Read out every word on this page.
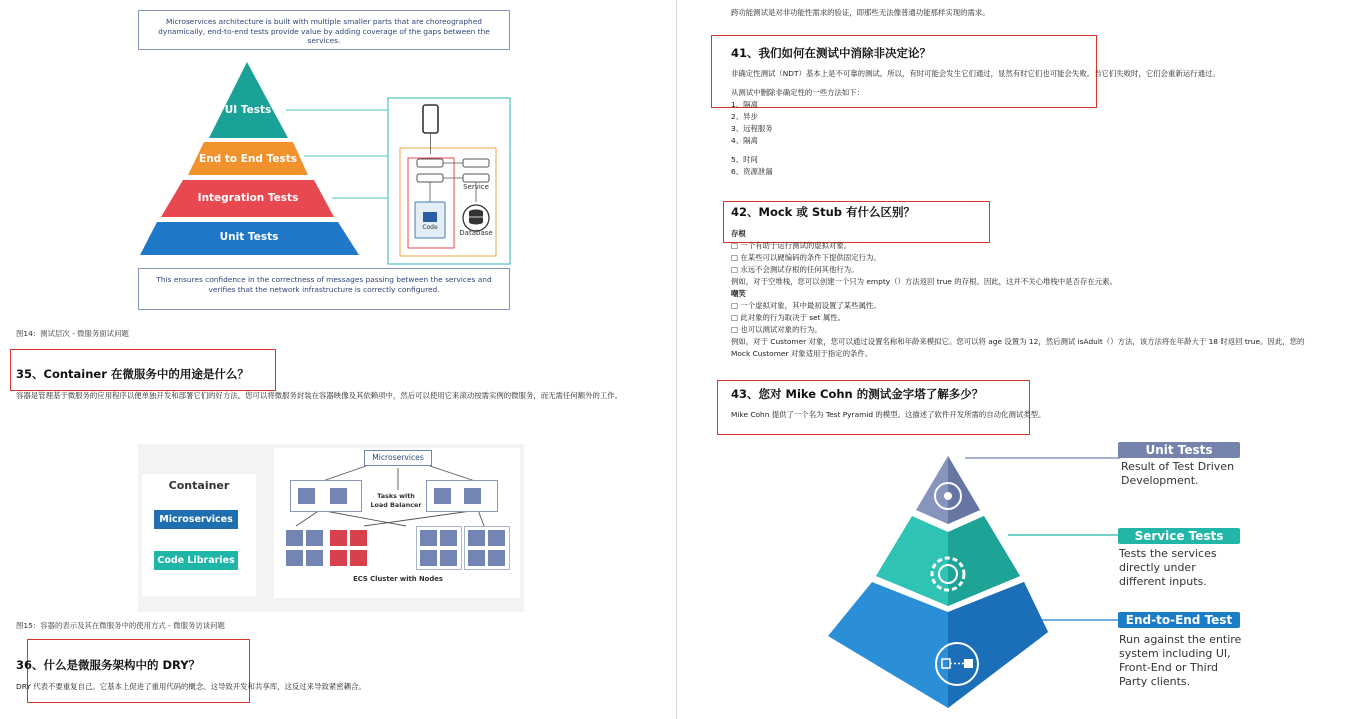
Microservices architecture is built with multiple smaller parts that are choreographed dynamically, end-to-end tests provide value by adding coverage of the gaps between the services.
UI Tests
End to End Tests
Integration Tests
Unit Tests
Service
Code
Database
This ensures confidence in the correctness of messages passing between the services and verifies that the network infrastructure is correctly configured.
图14：测试层次 - 微服务面试问题
35、Container 在微服务中的用途是什么？
容器是管理基于微服务的应用程序以便单独开发和部署它们的好方法。您可以将微服务封装在容器映像及其依赖项中，然后可以使用它来滚动按需实例的微服务，而无需任何额外的工作。
Container
Microservices
Code Libraries
Microservices
Tasks with Load Balancer
ECS Cluster with Nodes
图15：容器的表示及其在微服务中的使用方式 - 微服务访谈问题
36、什么是微服务架构中的 DRY？
DRY 代表不要重复自己。它基本上促进了重用代码的概念。这导致开发和共享库，这反过来导致紧密耦合。
跨功能测试是对非功能性需求的验证，即那些无法像普通功能那样实现的需求。
41、我们如何在测试中消除非决定论？
非确定性测试（NDT）基本上是不可靠的测试。所以，有时可能会发生它们通过，显然有时它们也可能会失败。当它们失败时，它们会重新运行通过。
从测试中删除非确定性的一些方法如下：
1、隔离
2、异步
3、远程服务
4、隔离
5、时间
6、资源泄漏
42、Mock 或 Stub 有什么区别？
存根
□ 一个有助于运行测试的虚拟对象。
□ 在某些可以硬编码的条件下提供固定行为。
□ 永远不会测试存根的任何其他行为。
例如，对于空堆栈，您可以创建一个只为 empty（）方法返回 true 的存根。因此，这并不关心堆栈中是否存在元素。
嘲笑
□ 一个虚拟对象，其中最初设置了某些属性。
□ 此对象的行为取决于 set 属性。
□ 也可以测试对象的行为。
例如，对于 Customer 对象，您可以通过设置名称和年龄来模拟它。您可以将 age 设置为 12，然后测试 isAdult（）方法，该方法将在年龄大于 18 时返回 true。因此，您的
Mock Customer 对象适用于指定的条件。
43、您对 Mike Cohn 的测试金字塔了解多少？
Mike Cohn 提供了一个名为 Test Pyramid 的模型。这描述了软件开发所需的自动化测试类型。
Unit Tests
Result of Test Driven
Development.
Service Tests
Tests the services
directly under
different inputs.
End-to-End Test
Run against the entire
system including UI,
Front-End or Third
Party clients.
